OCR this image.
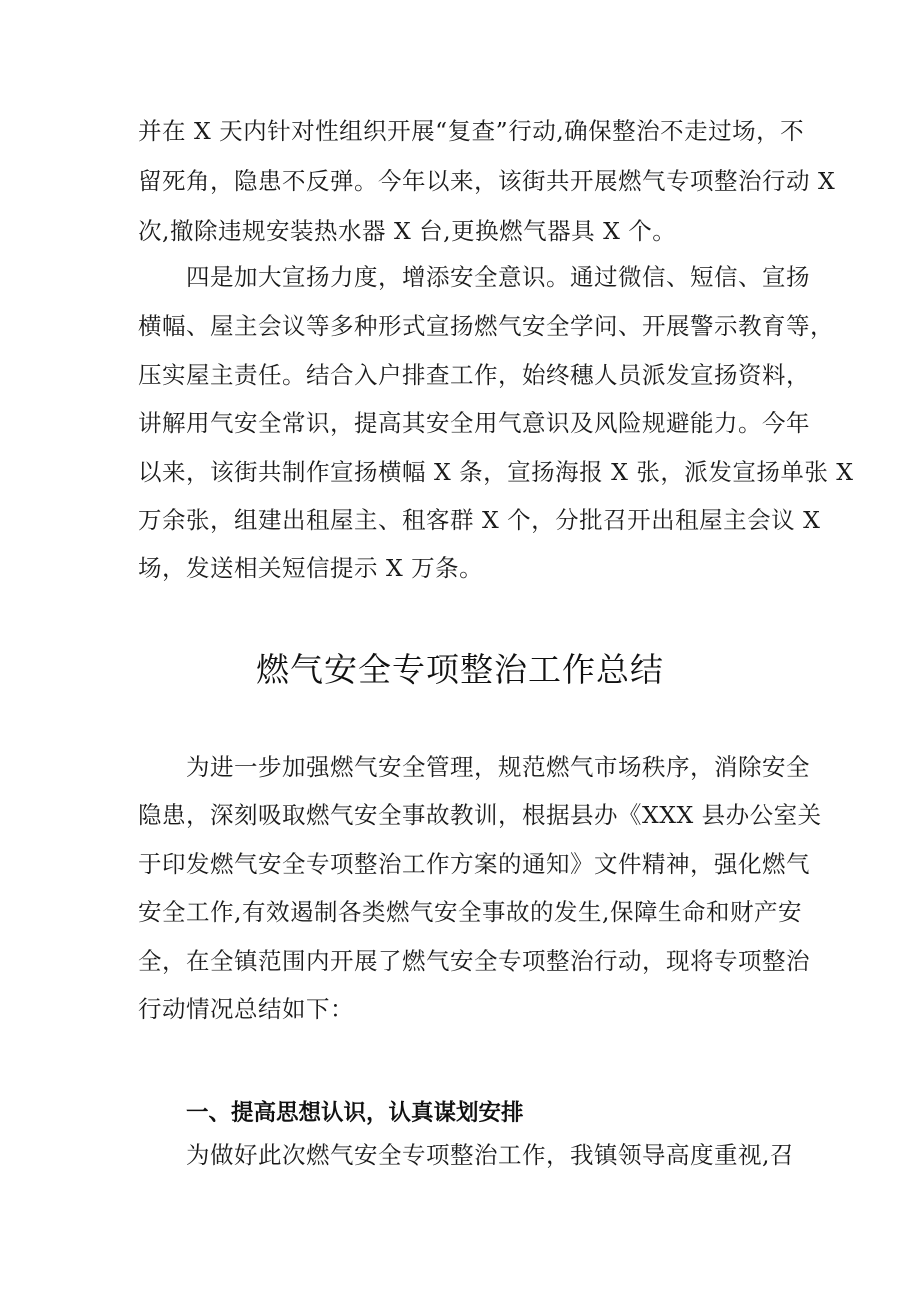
并在 X 天内针对性组织开展“复查”行动,确保整治不走过场，不
留死角，隐患不反弹。今年以来，该街共开展燃气专项整治行动 X
次,撤除违规安装热水器 X 台,更换燃气器具 X 个。
四是加大宣扬力度，增添安全意识。通过微信、短信、宣扬
横幅、屋主会议等多种形式宣扬燃气安全学问、开展警示教育等，
压实屋主责任。结合入户排查工作，始终穗人员派发宣扬资料，
讲解用气安全常识，提高其安全用气意识及风险规避能力。今年
以来，该街共制作宣扬横幅 X 条，宣扬海报 X 张，派发宣扬单张 X
万余张，组建出租屋主、租客群 X 个，分批召开出租屋主会议 X
场，发送相关短信提示 X 万条。
燃气安全专项整治工作总结
为进一步加强燃气安全管理，规范燃气市场秩序，消除安全
隐患，深刻吸取燃气安全事故教训，根据县办《XXX 县办公室关
于印发燃气安全专项整治工作方案的通知》文件精神，强化燃气
安全工作,有效遏制各类燃气安全事故的发生,保障生命和财产安
全，在全镇范围内开展了燃气安全专项整治行动，现将专项整治
行动情况总结如下：
一、提高思想认识，认真谋划安排
为做好此次燃气安全专项整治工作，我镇领导高度重视,召
